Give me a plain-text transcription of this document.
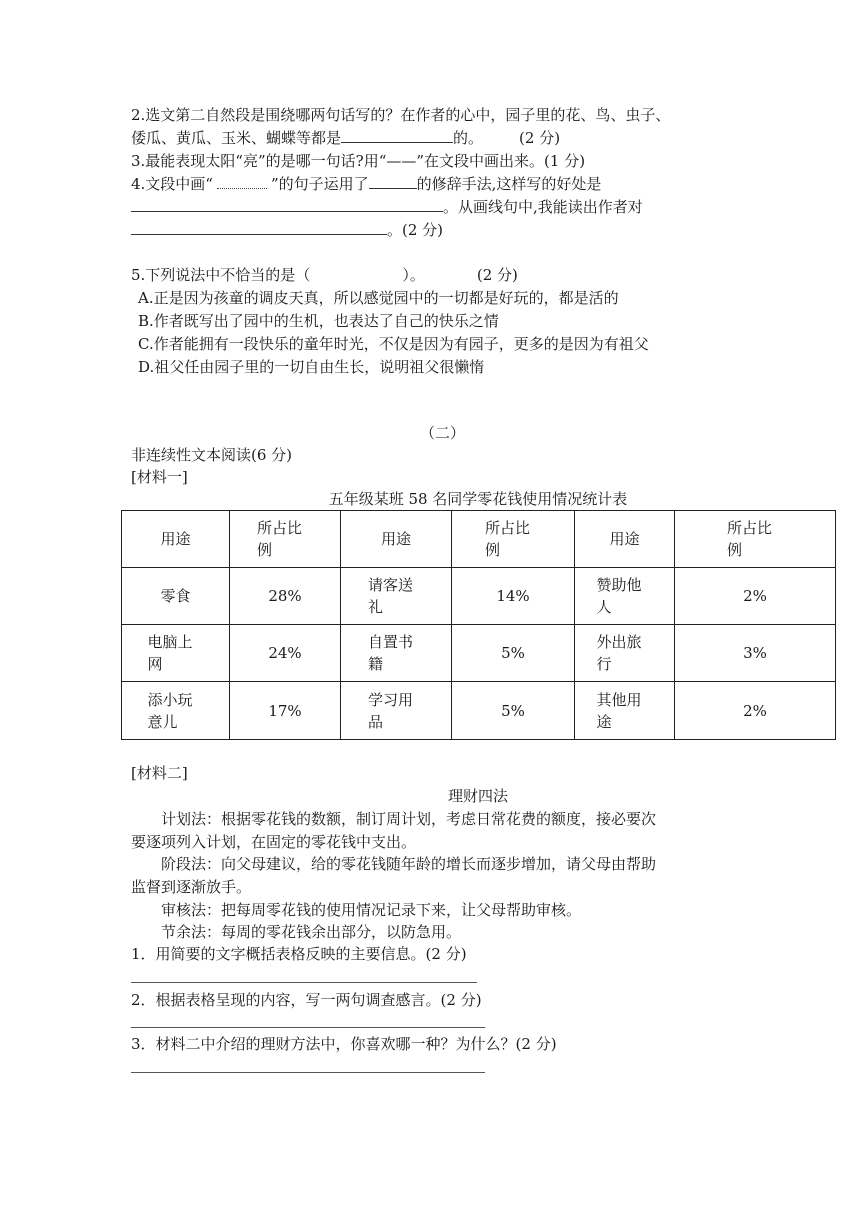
2.选文第二自然段是围绕哪两句话写的？在作者的心中，园子里的花、鸟、虫子、
倭瓜、黄瓜、玉米、蝴蝶等都是	的。 (2 分)
3.最能表现太阳“亮”的是哪一句话?用“——”在文段中画出来。(1 分)
4.文段中画“	”的句子运用了	的修辞手法,这样写的好处是
。从画线句中,我能读出作者对
。(2 分)
5.下列说法中不恰当的是（	）。	(2 分)
A.正是因为孩童的调皮天真，所以感觉园中的一切都是好玩的，都是活的
B.作者既写出了园中的生机，也表达了自己的快乐之情
C.作者能拥有一段快乐的童年时光，不仅是因为有园子，更多的是因为有祖父
D.祖父任由园子里的一切自由生长，说明祖父很懒惰
（二）
非连续性文本阅读(6 分)
[材料一]
五年级某班 58 名同学零花钱使用情况统计表
用途	所占比例	用途	所占比例	用途	所占比例
零食	28%	请客送礼	14%	赞助他人	2%
电脑上网	24%	自置书籍	5%	外出旅行	3%
添小玩意儿	17%	学习用品	5%	其他用途	2%
[材料二]
理财四法
计划法：根据零花钱的数额，制订周计划，考虑日常花费的额度，接必要次
要逐项列入计划，在固定的零花钱中支出。
阶段法：向父母建议，给的零花钱随年龄的增长而逐步增加，请父母由帮助
监督到逐渐放手。
审核法：把每周零花钱的使用情况记录下来，让父母帮助审核。
节余法：每周的零花钱余出部分，以防急用。
1．用简要的文字概括表格反映的主要信息。(2 分)
2．根据表格呈现的内容，写一两句调查感言。(2 分)
3．材料二中介绍的理财方法中，你喜欢哪一种？为什么？(2 分)
